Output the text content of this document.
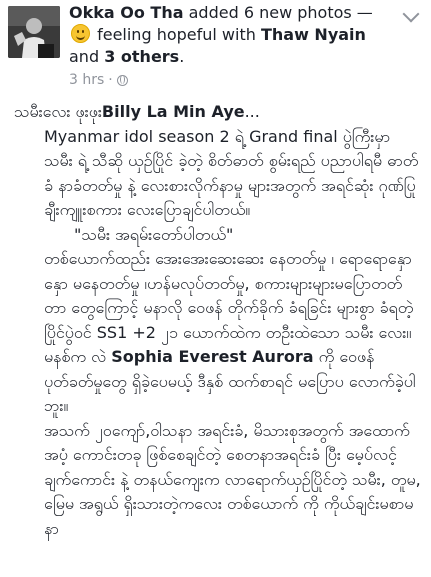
Okka Oo Tha added 6 new photos —
feeling hopeful with Thaw Nyain and 3 others.
3 hrs ·

သမီးလေး ဖုးဖုးBilly La Min Aye...

Myanmar idol season 2 ရဲ့ Grand final ပွဲကြီးမှာ သမီး ရဲ့ သီဆို ယှဉ်ပြိုင် ခဲ့တဲ့ စိတ်ဓာတ် စွမ်းရည် ပညာပါရမီ ဓာတ်ခံ နာခံတတ်မှု နဲ့ လေးစားလိုက်နာမှု များအတွက် အရင်ဆုံး ဂုဏ်ပြု ချီးကျူးစကား လေးပြောချင်ပါတယ်။

"သမီး အရမ်းတော်ပါတယ်"

တစ်ယောက်ထည်း အေးအေးဆေးဆေး နေတတ်မှု ၊ ရောရောနှောနှော မနေတတ်မှု ၊ဟန်မလုပ်တတ်မှု, စကားများများမပြောတတ်တာ တွေကြောင့် မနာလို ဝေဖန် တိုက်ခိုက် ခံရခြင်း များစွာ ခံရတဲ့ ပြိုင်ပွဲဝင် SS1 +2 ၂၁ ယောက်ထဲက တဦးထဲသော သမီး လေး၊၊ မနစ်က လဲ Sophia Everest Aurora ကို ဝေဖန် ပုတ်ခတ်မှုတွေ ရှိခဲ့ပေမယ့် ဒီနှစ် ထက်စာရင် မပြောပ လောက်ခဲ့ပါဘူး။

အသက် ၂၀ကျော်,ဝါသနာ အရင်းခံ, မိသားစုအတွက် အထောက်အပံ့ ကောင်းတခု ဖြစ်စေချင်တဲ့ စေတနာအရင်းခံ ပြီး မေ့ပ်လင့်ချက်ကောင်း နဲ့ တနယ်ကျေးက လာရောက်ယှဉ်ပြိုင်တဲ့ သမီး, တူမ, မြေမ အရွယ် ရှိးသားတဲ့ကလေး တစ်ယောက် ကို ကိုယ်ချင်းမစာမနာ
